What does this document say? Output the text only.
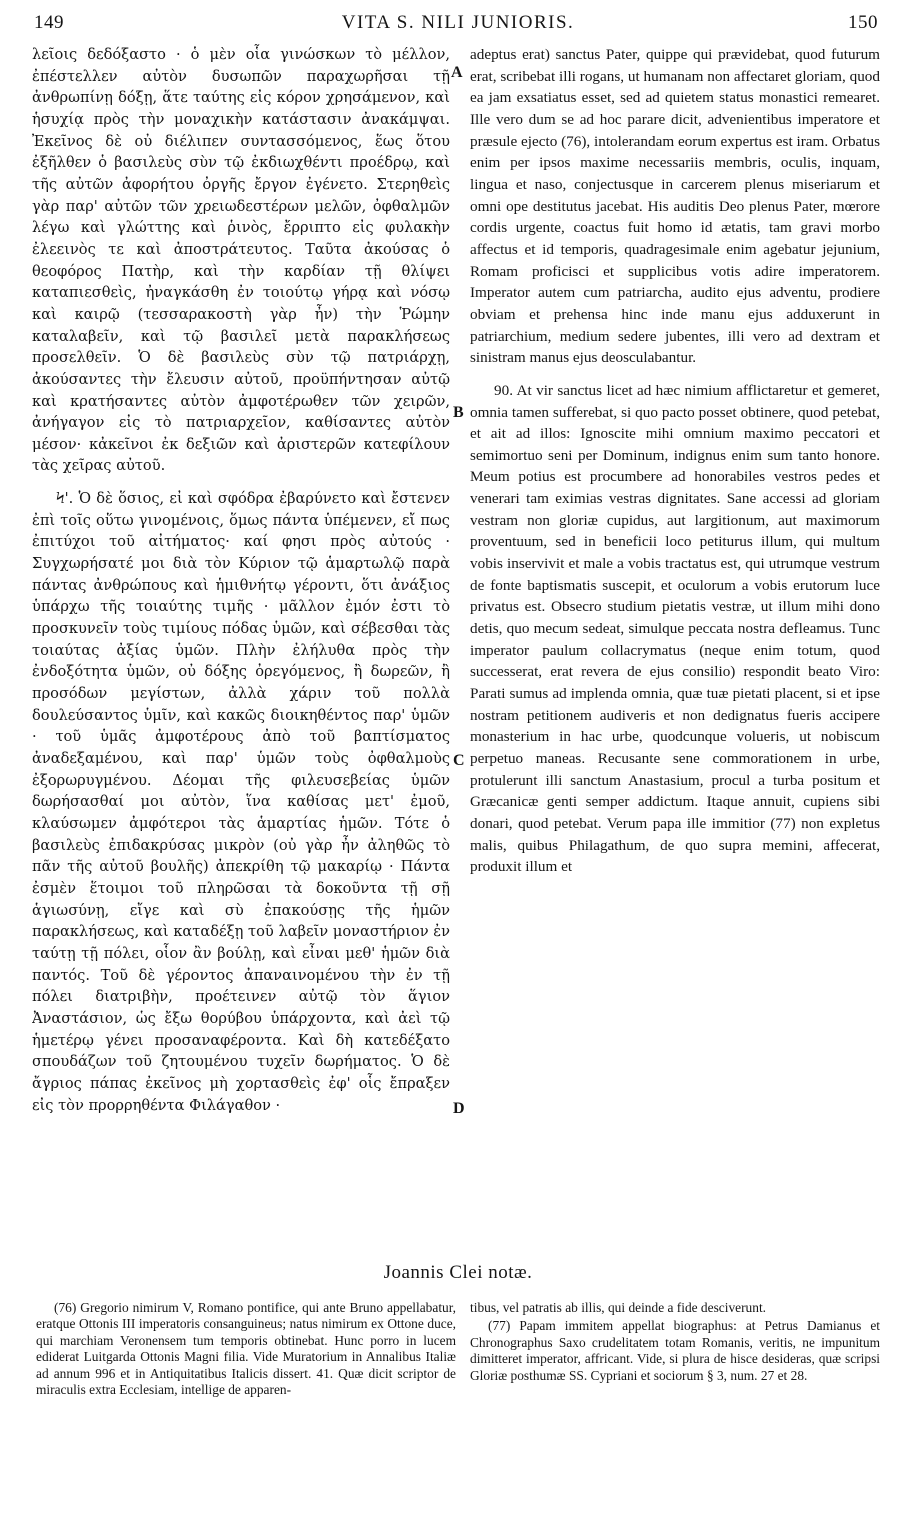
149	VITA S. NILI JUNIORIS.	150

λεῖοις δεδόξαστο · ὁ μὲν οἷα γινώσκων τὸ μέλλον, ἐπέστελλεν αὐτὸν δυσωπῶν παραχωρῆσαι τῇ ἀνθρωπίνῃ δόξῃ, ἅτε ταύτης εἰς κόρον χρησάμενον, καὶ ἡσυχίᾳ πρὸς τὴν μοναχικὴν κατάστασιν ἀνακάμψαι. Ἐκεῖνος δὲ οὐ διέλιπεν συντασσόμενος, ἕως ὅτου ἐξῆλθεν ὁ βασιλεὺς σὺν τῷ ἐκδιωχθέντι προέδρῳ, καὶ τῆς αὐτῶν ἀφορήτου ὀργῆς ἔργον ἐγένετο. Στερηθεὶς γὰρ παρ' αὐτῶν τῶν χρειωδεστέρων μελῶν, ὀφθαλμῶν λέγω καὶ γλώττης καὶ ῥινὸς, ἔρριπτο εἰς φυλακὴν ἐλεεινὸς τε καὶ ἀποστράτευτος. Ταῦτα ἀκούσας ὁ θεοφόρος Πατὴρ, καὶ τὴν καρδίαν τῇ θλίψει καταπιεσθεὶς, ἠναγκάσθη ἐν τοιούτῳ γήρᾳ καὶ νόσῳ καὶ καιρῷ (τεσσαρακοστὴ γὰρ ἦν) τὴν Ῥώμην καταλαβεῖν, καὶ τῷ βασιλεῖ μετὰ παρακλήσεως προσελθεῖν. Ὁ δὲ βασιλεὺς σὺν τῷ πατριάρχῃ, ἀκούσαντες τὴν ἔλευσιν αὐτοῦ, προϋπήντησαν αὐτῷ καὶ κρατήσαντες αὐτὸν ἀμφοτέρωθεν τῶν χειρῶν, ἀνήγαγον εἰς τὸ πατριαρχεῖον, καθίσαντες αὐτὸν μέσον· κἀκεῖνοι ἐκ δεξιῶν καὶ ἀριστερῶν κατεφίλουν τὰς χεῖρας αὐτοῦ.

Ϟ'. Ὁ δὲ ὅσιος, εἰ καὶ σφόδρα ἐβαρύνετο καὶ ἔστενεν ἐπὶ τοῖς οὕτω γινομένοις, ὅμως πάντα ὑπέμενεν, εἴ πως ἐπιτύχοι τοῦ αἰτήματος· καί φησι πρὸς αὐτούς · Συγχωρήσατέ μοι διὰ τὸν Κύριον τῷ ἁμαρτωλῷ παρὰ πάντας ἀνθρώπους καὶ ἡμιθνήτῳ γέροντι, ὅτι ἀνάξιος ὑπάρχω τῆς τοιαύτης τιμῆς · μᾶλλον ἐμόν ἐστι τὸ προσκυνεῖν τοὺς τιμίους πόδας ὑμῶν, καὶ σέβεσθαι τὰς τοιαύτας ἀξίας ὑμῶν. Πλὴν ἐλήλυθα πρὸς τὴν ἐνδοξότητα ὑμῶν, οὐ δόξης ὀρεγόμενος, ἢ δωρεῶν, ἢ προσόδων μεγίστων, ἀλλὰ χάριν τοῦ πολλὰ δουλεύσαντος ὑμῖν, καὶ κακῶς διοικηθέντος παρ' ὑμῶν · τοῦ ὑμᾶς ἀμφοτέρους ἀπὸ τοῦ βαπτίσματος ἀναδεξαμένου, καὶ παρ' ὑμῶν τοὺς ὀφθαλμοὺς ἐξορωρυγμένου. Δέομαι τῆς φιλευσεβείας ὑμῶν δωρήσασθαί μοι αὐτὸν, ἵνα καθίσας μετ' ἐμοῦ, κλαύσωμεν ἀμφότεροι τὰς ἁμαρτίας ἡμῶν. Τότε ὁ βασιλεὺς ἐπιδακρύσας μικρὸν (οὐ γὰρ ἦν ἀληθῶς τὸ πᾶν τῆς αὐτοῦ βουλῆς) ἀπεκρίθη τῷ μακαρίῳ · Πάντα ἐσμὲν ἕτοιμοι τοῦ πληρῶσαι τὰ δοκοῦντα τῇ σῇ ἁγιωσύνῃ, εἴγε καὶ σὺ ἐπακούσῃς τῆς ἡμῶν παρακλήσεως, καὶ καταδέξῃ τοῦ λαβεῖν μοναστήριον ἐν ταύτῃ τῇ πόλει, οἷον ἂν βούλῃ, καὶ εἶναι μεθ' ἡμῶν διὰ παντός. Τοῦ δὲ γέροντος ἀπαναινομένου τὴν ἐν τῇ πόλει διατριβὴν, προέτεινεν αὐτῷ τὸν ἅγιον Ἀναστάσιον, ὡς ἔξω θορύβου ὑπάρχοντα, καὶ ἀεὶ τῷ ἡμετέρῳ γένει προσαναφέροντα. Καὶ δὴ κατεδέξατο σπουδάζων τοῦ ζητουμένου τυχεῖν δωρήματος. Ὁ δὲ ἄγριος πάπας ἐκεῖνος μὴ χορτασθεὶς ἐφ' οἷς ἔπραξεν εἰς τὸν προρρηθέντα Φιλάγαθον ·

A
B
C
D

adeptus erat) sanctus Pater, quippe qui prævidebat, quod futurum erat, scribebat illi rogans, ut humanam non affectaret gloriam, quod ea jam exsatiatus esset, sed ad quietem status monastici remearet. Ille vero dum se ad hoc parare dicit, advenientibus imperatore et præsule ejecto (76), intolerandam eorum expertus est iram. Orbatus enim per ipsos maxime necessariis membris, oculis, inquam, lingua et naso, conjectusque in carcerem plenus miseriarum et omni ope destitutus jacebat. His auditis Deo plenus Pater, mœrore cordis urgente, coactus fuit homo id ætatis, tam gravi morbo affectus et id temporis, quadragesimale enim agebatur jejunium, Romam proficisci et supplicibus votis adire imperatorem. Imperator autem cum patriarcha, audito ejus adventu, prodiere obviam et prehensa hinc inde manu ejus adduxerunt in patriarchium, medium sedere jubentes, illi vero ad dextram et sinistram manus ejus deosculabantur.

90. At vir sanctus licet ad hæc nimium afflictaretur et gemeret, omnia tamen sufferebat, si quo pacto posset obtinere, quod petebat, et ait ad illos: Ignoscite mihi omnium maximo peccatori et semimortuo seni per Dominum, indignus enim sum tanto honore. Meum potius est procumbere ad honorabiles vestros pedes et venerari tam eximias vestras dignitates. Sane accessi ad gloriam vestram non gloriæ cupidus, aut largitionum, aut maximorum proventuum, sed in beneficii loco petiturus illum, qui multum vobis inservivit et male a vobis tractatus est, qui utrumque vestrum de fonte baptismatis suscepit, et oculorum a vobis erutorum luce privatus est. Obsecro studium pietatis vestræ, ut illum mihi dono detis, quo mecum sedeat, simulque peccata nostra defleamus. Tunc imperator paulum collacrymatus (neque enim totum, quod successerat, erat revera de ejus consilio) respondit beato Viro: Parati sumus ad implenda omnia, quæ tuæ pietati placent, si et ipse nostram petitionem audiveris et non dedignatus fueris accipere monasterium in hac urbe, quodcunque volueris, ut nobiscum perpetuo maneas. Recusante sene commorationem in urbe, protulerunt illi sanctum Anastasium, procul a turba positum et Græcanicæ genti semper addictum. Itaque annuit, cupiens sibi donari, quod petebat. Verum papa ille immitior (77) non expletus malis, quibus Philagathum, de quo supra memini, affecerat, produxit illum et

Joannis Clei notæ.

(76) Gregorio nimirum V, Romano pontifice, qui ante Bruno appellabatur, eratque Ottonis III imperatoris consanguineus; natus nimirum ex Ottone duce, qui marchiam Veronensem tum temporis obtinebat. Hunc porro in lucem ediderat Luitgarda Ottonis Magni filia. Vide Muratorium in Annalibus Italiæ ad annum 996 et in Antiquitatibus Italicis dissert. 41. Quæ dicit scriptor de miraculis extra Ecclesiam, intellige de apparen-

tibus, vel patratis ab illis, qui deinde a fide desciverunt.

(77) Papam immitem appellat biographus: at Petrus Damianus et Chronographus Saxo crudelitatem totam Romanis, veritis, ne impunitum dimitteret imperator, affricant. Vide, si plura de hisce desideras, quæ scripsi Gloriæ posthumæ SS. Cypriani et sociorum § 3, num. 27 et 28.
